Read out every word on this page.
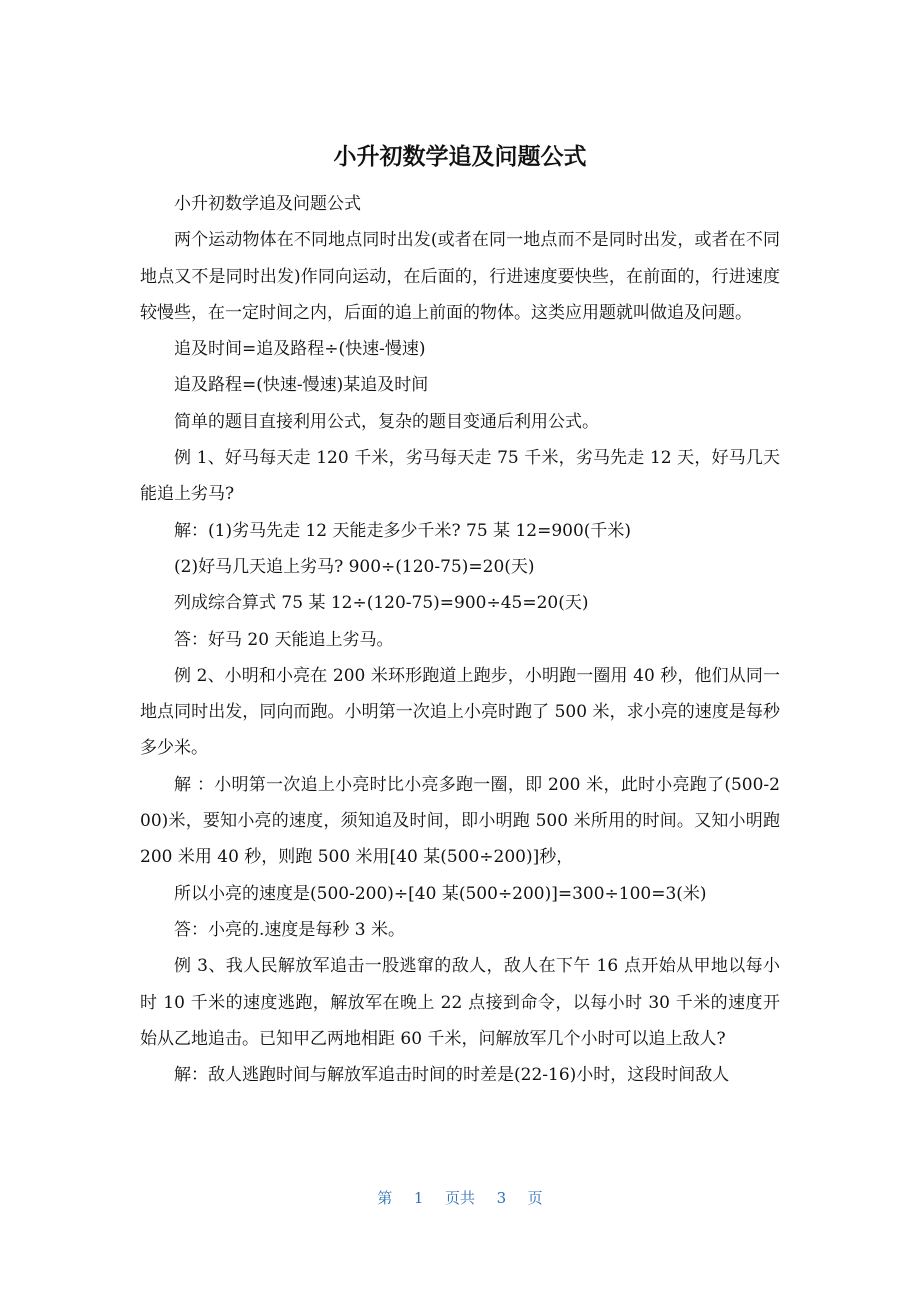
小升初数学追及问题公式

小升初数学追及问题公式

两个运动物体在不同地点同时出发(或者在同一地点而不是同时出发，或者在不同地点又不是同时出发)作同向运动，在后面的，行进速度要快些，在前面的，行进速度较慢些，在一定时间之内，后面的追上前面的物体。这类应用题就叫做追及问题。

追及时间=追及路程÷(快速-慢速)

追及路程=(快速-慢速)某追及时间

简单的题目直接利用公式，复杂的题目变通后利用公式。

例 1、好马每天走 120 千米，劣马每天走 75 千米，劣马先走 12 天，好马几天能追上劣马?

解：(1)劣马先走 12 天能走多少千米? 75 某 12=900(千米)

(2)好马几天追上劣马? 900÷(120-75)=20(天)

列成综合算式 75 某 12÷(120-75)=900÷45=20(天)

答：好马 20 天能追上劣马。

例 2、小明和小亮在 200 米环形跑道上跑步，小明跑一圈用 40 秒，他们从同一地点同时出发，同向而跑。小明第一次追上小亮时跑了 500 米，求小亮的速度是每秒多少米。

解 ：小明第一次追上小亮时比小亮多跑一圈，即 200 米，此时小亮跑了(500-200)米，要知小亮的速度，须知追及时间，即小明跑 500 米所用的时间。又知小明跑 200 米用 40 秒，则跑 500 米用[40 某(500÷200)]秒，

所以小亮的速度是(500-200)÷[40 某(500÷200)]=300÷100=3(米)

答：小亮的.速度是每秒 3 米。

例 3、我人民解放军追击一股逃窜的敌人，敌人在下午 16 点开始从甲地以每小时 10 千米的速度逃跑，解放军在晚上 22 点接到命令，以每小时 30 千米的速度开始从乙地追击。已知甲乙两地相距 60 千米，问解放军几个小时可以追上敌人?

解：敌人逃跑时间与解放军追击时间的时差是(22-16)小时，这段时间敌人

第 1 页共 3 页
